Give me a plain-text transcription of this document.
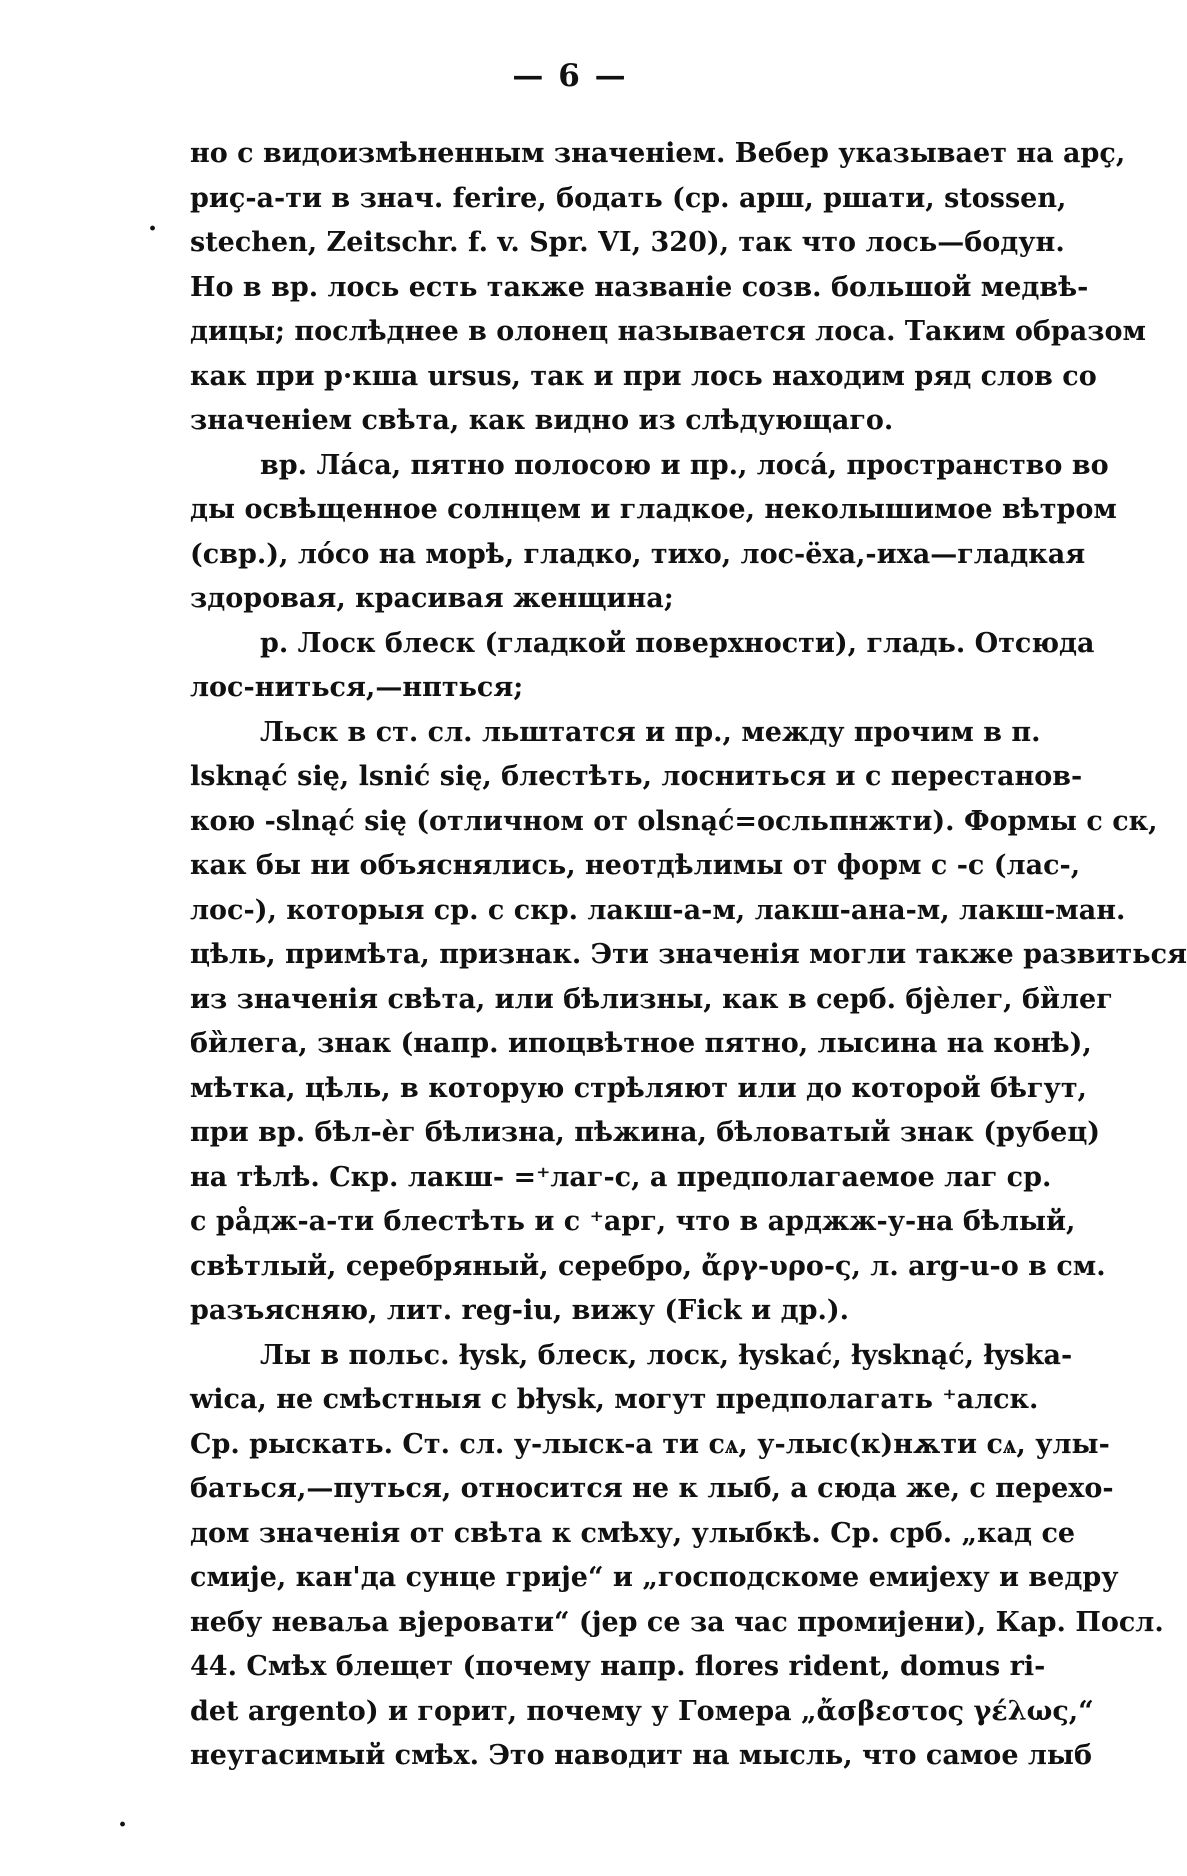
— 6 —
·
·
но с видоизмѣненным значеніем. Вебер указывает на арç,
риç-а-ти в знач. ferire, бодать (ср. арш, ршати, stossen,
stechen, Zeitschr. f. v. Spr. VI, 320), так что лось—бодун.
Но в вр. лось есть также названіе созв. большой медвѣ-
дицы; послѣднее в олонец называется лоса. Таким образом
как при р·кша ursus, так и при лось находим ряд слов со
значеніем свѣта, как видно из слѣдующаго.
вр. Ла́са, пятно полосою и пр., лоса́, пространство во
ды освѣщенное солнцем и гладкое, неколышимое вѣтром
(свр.), ло́со на морѣ, гладко, тихо, лос-ёха,-иха—гладкая
здоровая, красивая женщина;
р. Лоск блеск (гладкой поверхности), гладь. Отсюда
лос-ниться,—нпться;
Льск в ст. сл. льштатся и пр., между прочим в п.
lsknąć się, lsnić się, блестѣть, лосниться и с перестанов-
кою -slnąć się (отличном от olsnąć=осльпнжти). Формы с ск,
как бы ни объяснялись, неотдѣлимы от форм с -с (лас-,
лос-), которыя ср. с скр. лакш-а-м, лакш-ана-м, лакш-ман.
цѣль, примѣта, признак. Эти значенія могли также развиться
из значенія свѣта, или бѣлизны, как в серб. бјѐлег, би̏лег
би̏лега, знак (напр. ипоцвѣтное пятно, лысина на конѣ),
мѣтка, цѣль, в которую стрѣляют или до которой бѣгут,
при вр. бѣл-ѐг бѣлизна, пѣжина, бѣловатый знак (рубец)
на тѣлѣ. Скр. лакш- =⁺лаг-с, а предполагаемое лаг ср.
с ра̊дж-а-ти блестѣть и с ⁺арг, что в арджж-у-на бѣлый,
свѣтлый, серебряный, серебро, ἄργ-υρο-ς, л. arg-u-o в см.
разъясняю, лит. reg-iu, вижу (Fick и др.).
Лы в польс. łysk, блеск, лоск, łyskać, łysknąć, łyska-
wica, не смѣстныя с błysk, могут предполагать ⁺алск.
Ср. рыскать. Ст. сл. у-лыск-а ти сѧ, у-лыс(к)нѫти сѧ, улы-
баться,—путься, относится не к лыб, а сюда же, с перехо-
дом значенія от свѣта к смѣху, улыбкѣ. Ср. срб. „кад се
смије, кан'да сунце грије“ и „господскоме емијеху и ведру
небу неваља вјеровати“ (јер се за час промијени), Кар. Посл.
44. Смѣх блещет (почему напр. flores rident, domus ri-
det argento) и горит, почему у Гомера „ἄσβεστος γέλως,“
неугасимый смѣх. Это наводит на мысль, что самое лыб
